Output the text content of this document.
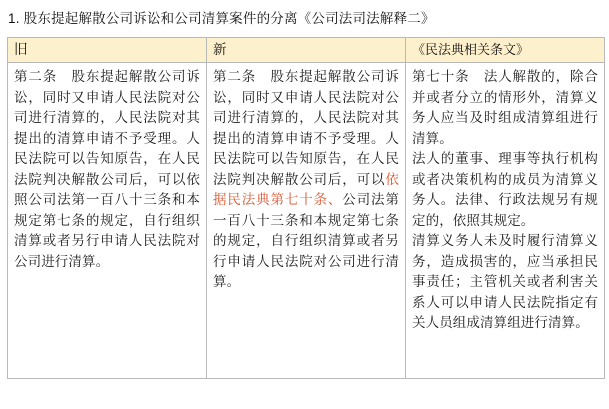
1. 股东提起解散公司诉讼和公司清算案件的分离《公司法司法解释二》
旧	新	《民法典相关条文》

第二条　股东提起解散公司诉讼，同时又申请人民法院对公司进行清算的，人民法院对其提出的清算申请不予受理。人民法院可以告知原告，在人民法院判决解散公司后，可以依照公司法第一百八十三条和本规定第七条的规定，自行组织清算或者另行申请人民法院对公司进行清算。	第二条　股东提起解散公司诉讼，同时又申请人民法院对公司进行清算的，人民法院对其提出的清算申请不予受理。人民法院可以告知原告，在人民法院判决解散公司后，可以依据民法典第七十条、公司法第一百八十三条和本规定第七条的规定，自行组织清算或者另行申请人民法院对公司进行清算。	第七十条　法人解散的，除合并或者分立的情形外，清算义务人应当及时组成清算组进行清算。
法人的董事、理事等执行机构或者决策机构的成员为清算义务人。法律、行政法规另有规定的，依照其规定。
清算义务人未及时履行清算义务，造成损害的，应当承担民事责任；主管机关或者利害关系人可以申请人民法院指定有关人员组成清算组进行清算。
